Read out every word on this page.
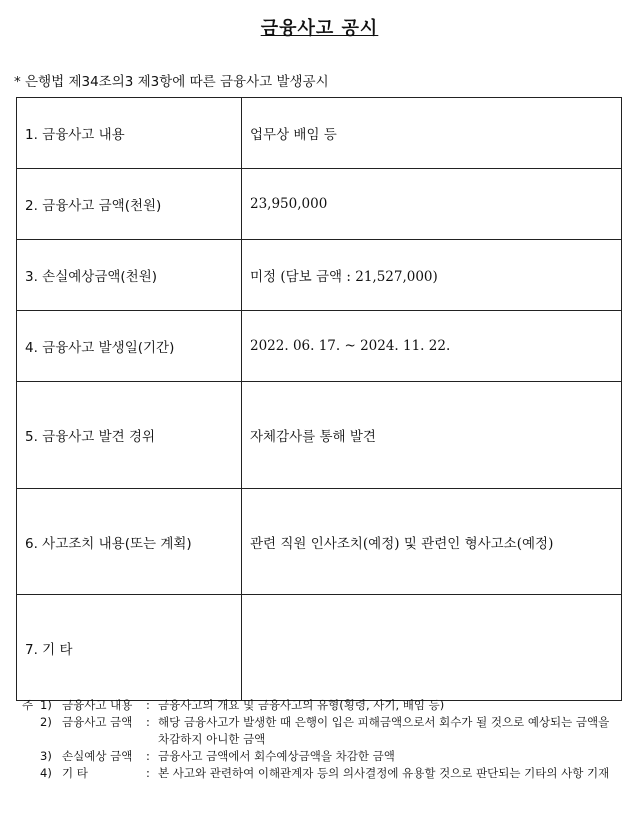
금융사고 공시
* 은행법 제34조의3 제3항에 따른 금융사고 발생공시
1. 금융사고 내용	업무상 배임 등
2. 금융사고 금액(천원)	23,950,000
3. 손실예상금액(천원)	미정 (담보 금액 : 21,527,000)
4. 금융사고 발생일(기간)	2022. 06. 17. ~ 2024. 11. 22.
5. 금융사고 발견 경위	자체감사를 통해 발견
6. 사고조치 내용(또는 계획)	관련 직원 인사조치(예정) 및 관련인 형사고소(예정)
7. 기 타	
주 1) 금융사고 내용	: 금융사고의 개요 및 금융사고의 유형(횡령, 사기, 배임 등)
2) 금융사고 금액	: 해당 금융사고가 발생한 때 은행이 입은 피해금액으로서 회수가 될 것으로 예상되는 금액을 차감하지 아니한 금액
3) 손실예상 금액	: 금융사고 금액에서 회수예상금액을 차감한 금액
4) 기 타	: 본 사고와 관련하여 이해관계자 등의 의사결정에 유용할 것으로 판단되는 기타의 사항 기재
